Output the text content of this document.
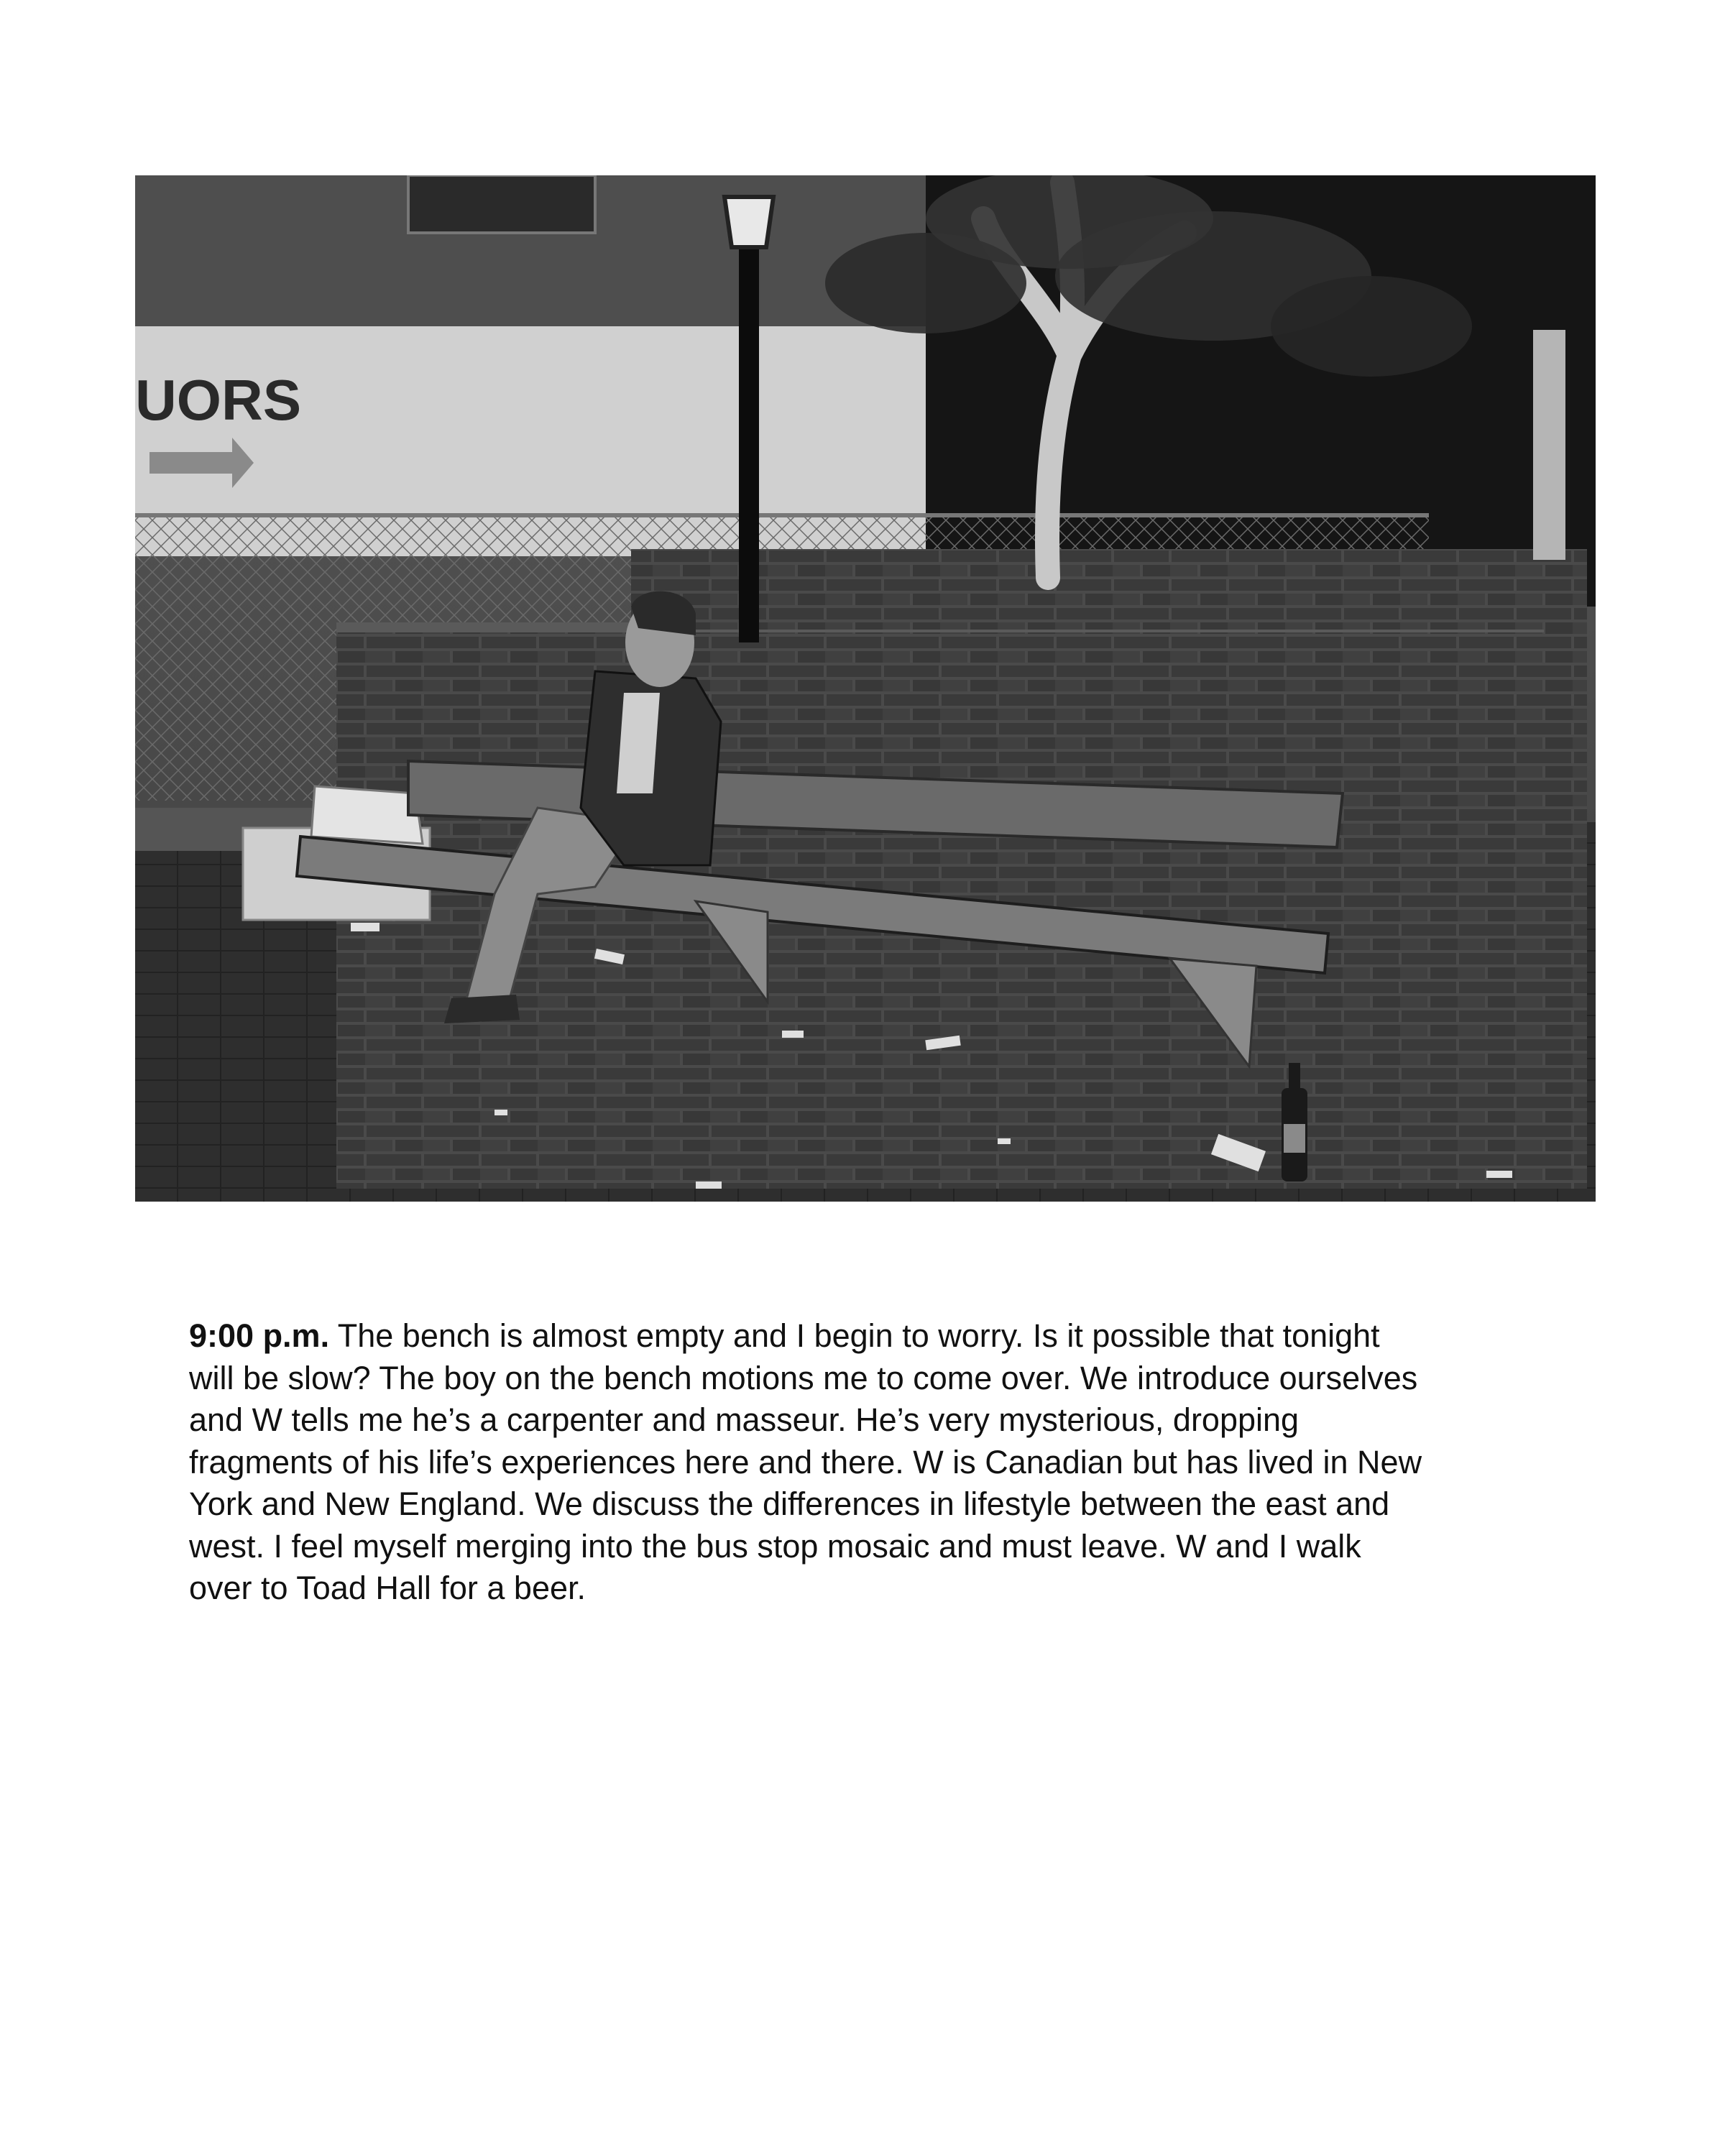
UORS
9:00 p.m. The bench is almost empty and I begin to worry. Is it possible that tonight
will be slow? The boy on the bench motions me to come over. We introduce ourselves
and W tells me he’s a carpenter and masseur. He’s very mysterious, dropping
fragments of his life’s experiences here and there. W is Canadian but has lived in New
York and New England. We discuss the differences in lifestyle between the east and
west. I feel myself merging into the bus stop mosaic and must leave. W and I walk
over to Toad Hall for a beer.
